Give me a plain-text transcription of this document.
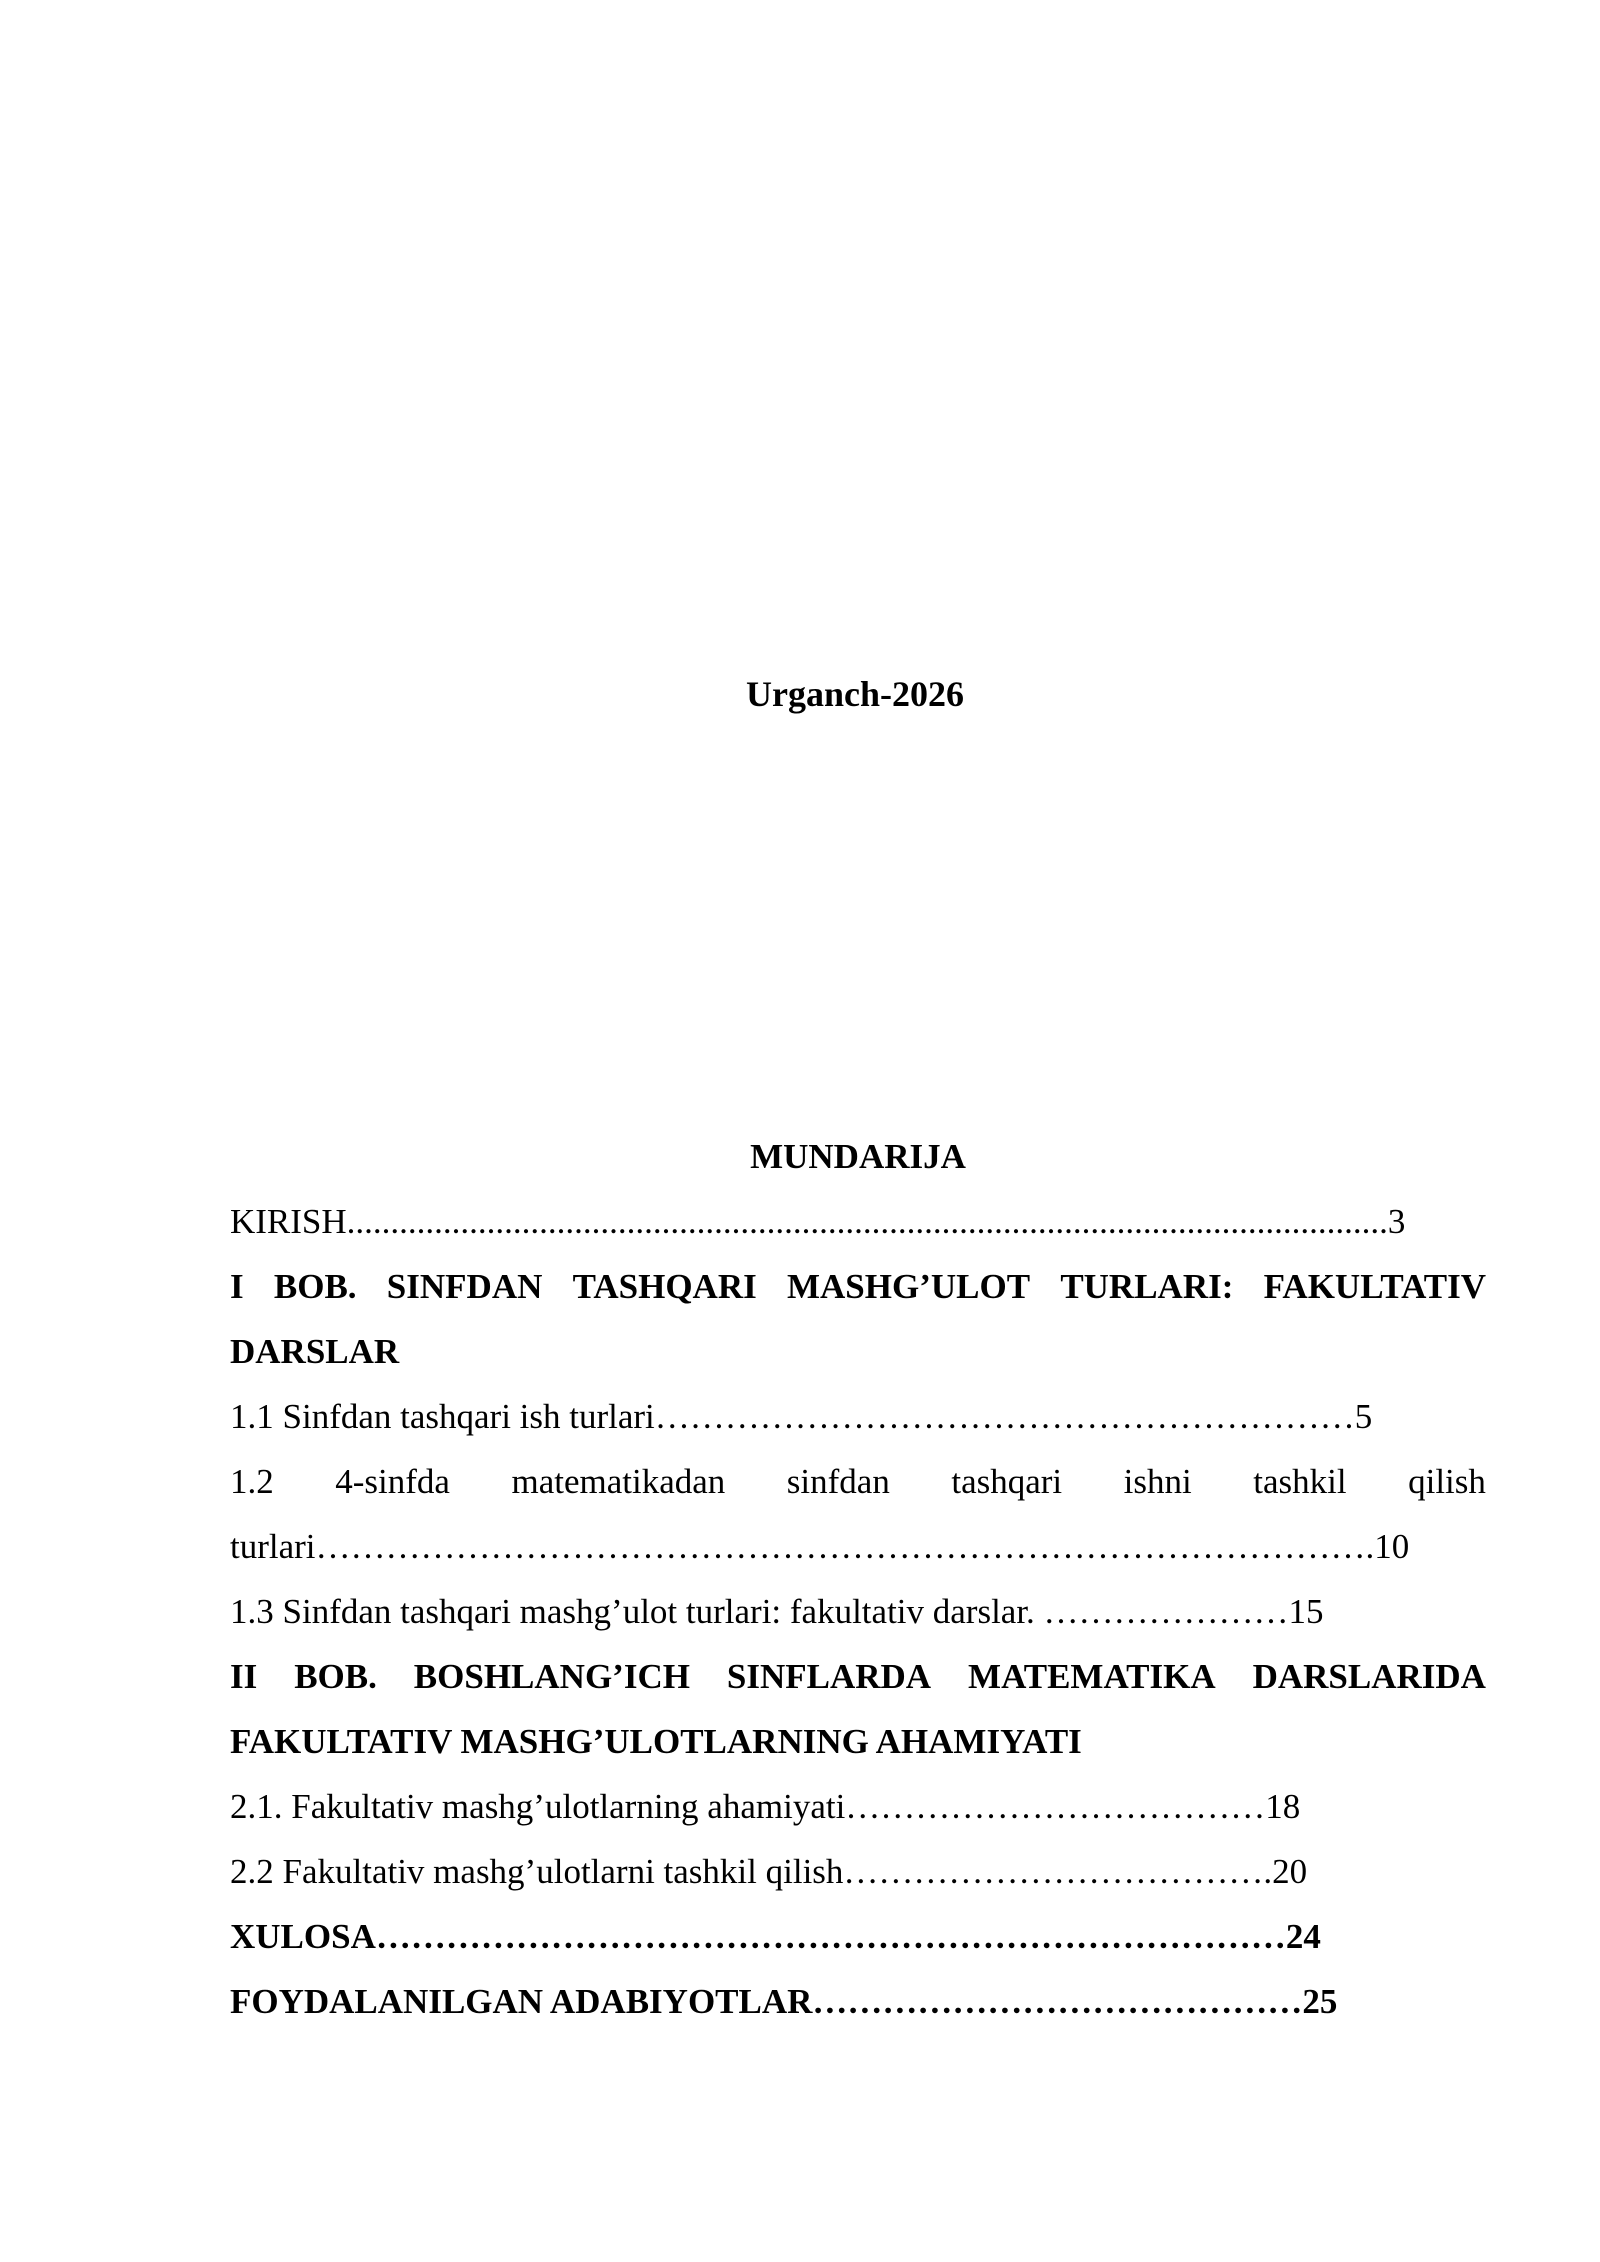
Urganch-2026
MUNDARIJA
KIRISH.......................................................................................................................3
I BOB. SINFDAN TASHQARI MASHG’ULOT TURLARI: FAKULTATIV
DARSLAR
1.1 Sinfdan tashqari ish turlari……………………………………………………5
1.2 4-sinfda matematikadan sinfdan tashqari ishni tashkil qilish
turlari……………………………………………………………………………….10
1.3 Sinfdan tashqari mashg’ulot turlari: fakultativ darslar. …………………15
II BOB. BOSHLANG’ICH SINFLARDA MATEMATIKA DARSLARIDA
FAKULTATIV MASHG’ULOTLARNING AHAMIYATI
2.1. Fakultativ mashg’ulotlarning ahamiyati………………………………18
2.2 Fakultativ mashg’ulotlarni tashkil qilish……………………………….20
XULOSA……………………………………………………………………24
FOYDALANILGAN ADABIYOTLAR……………………………………25
